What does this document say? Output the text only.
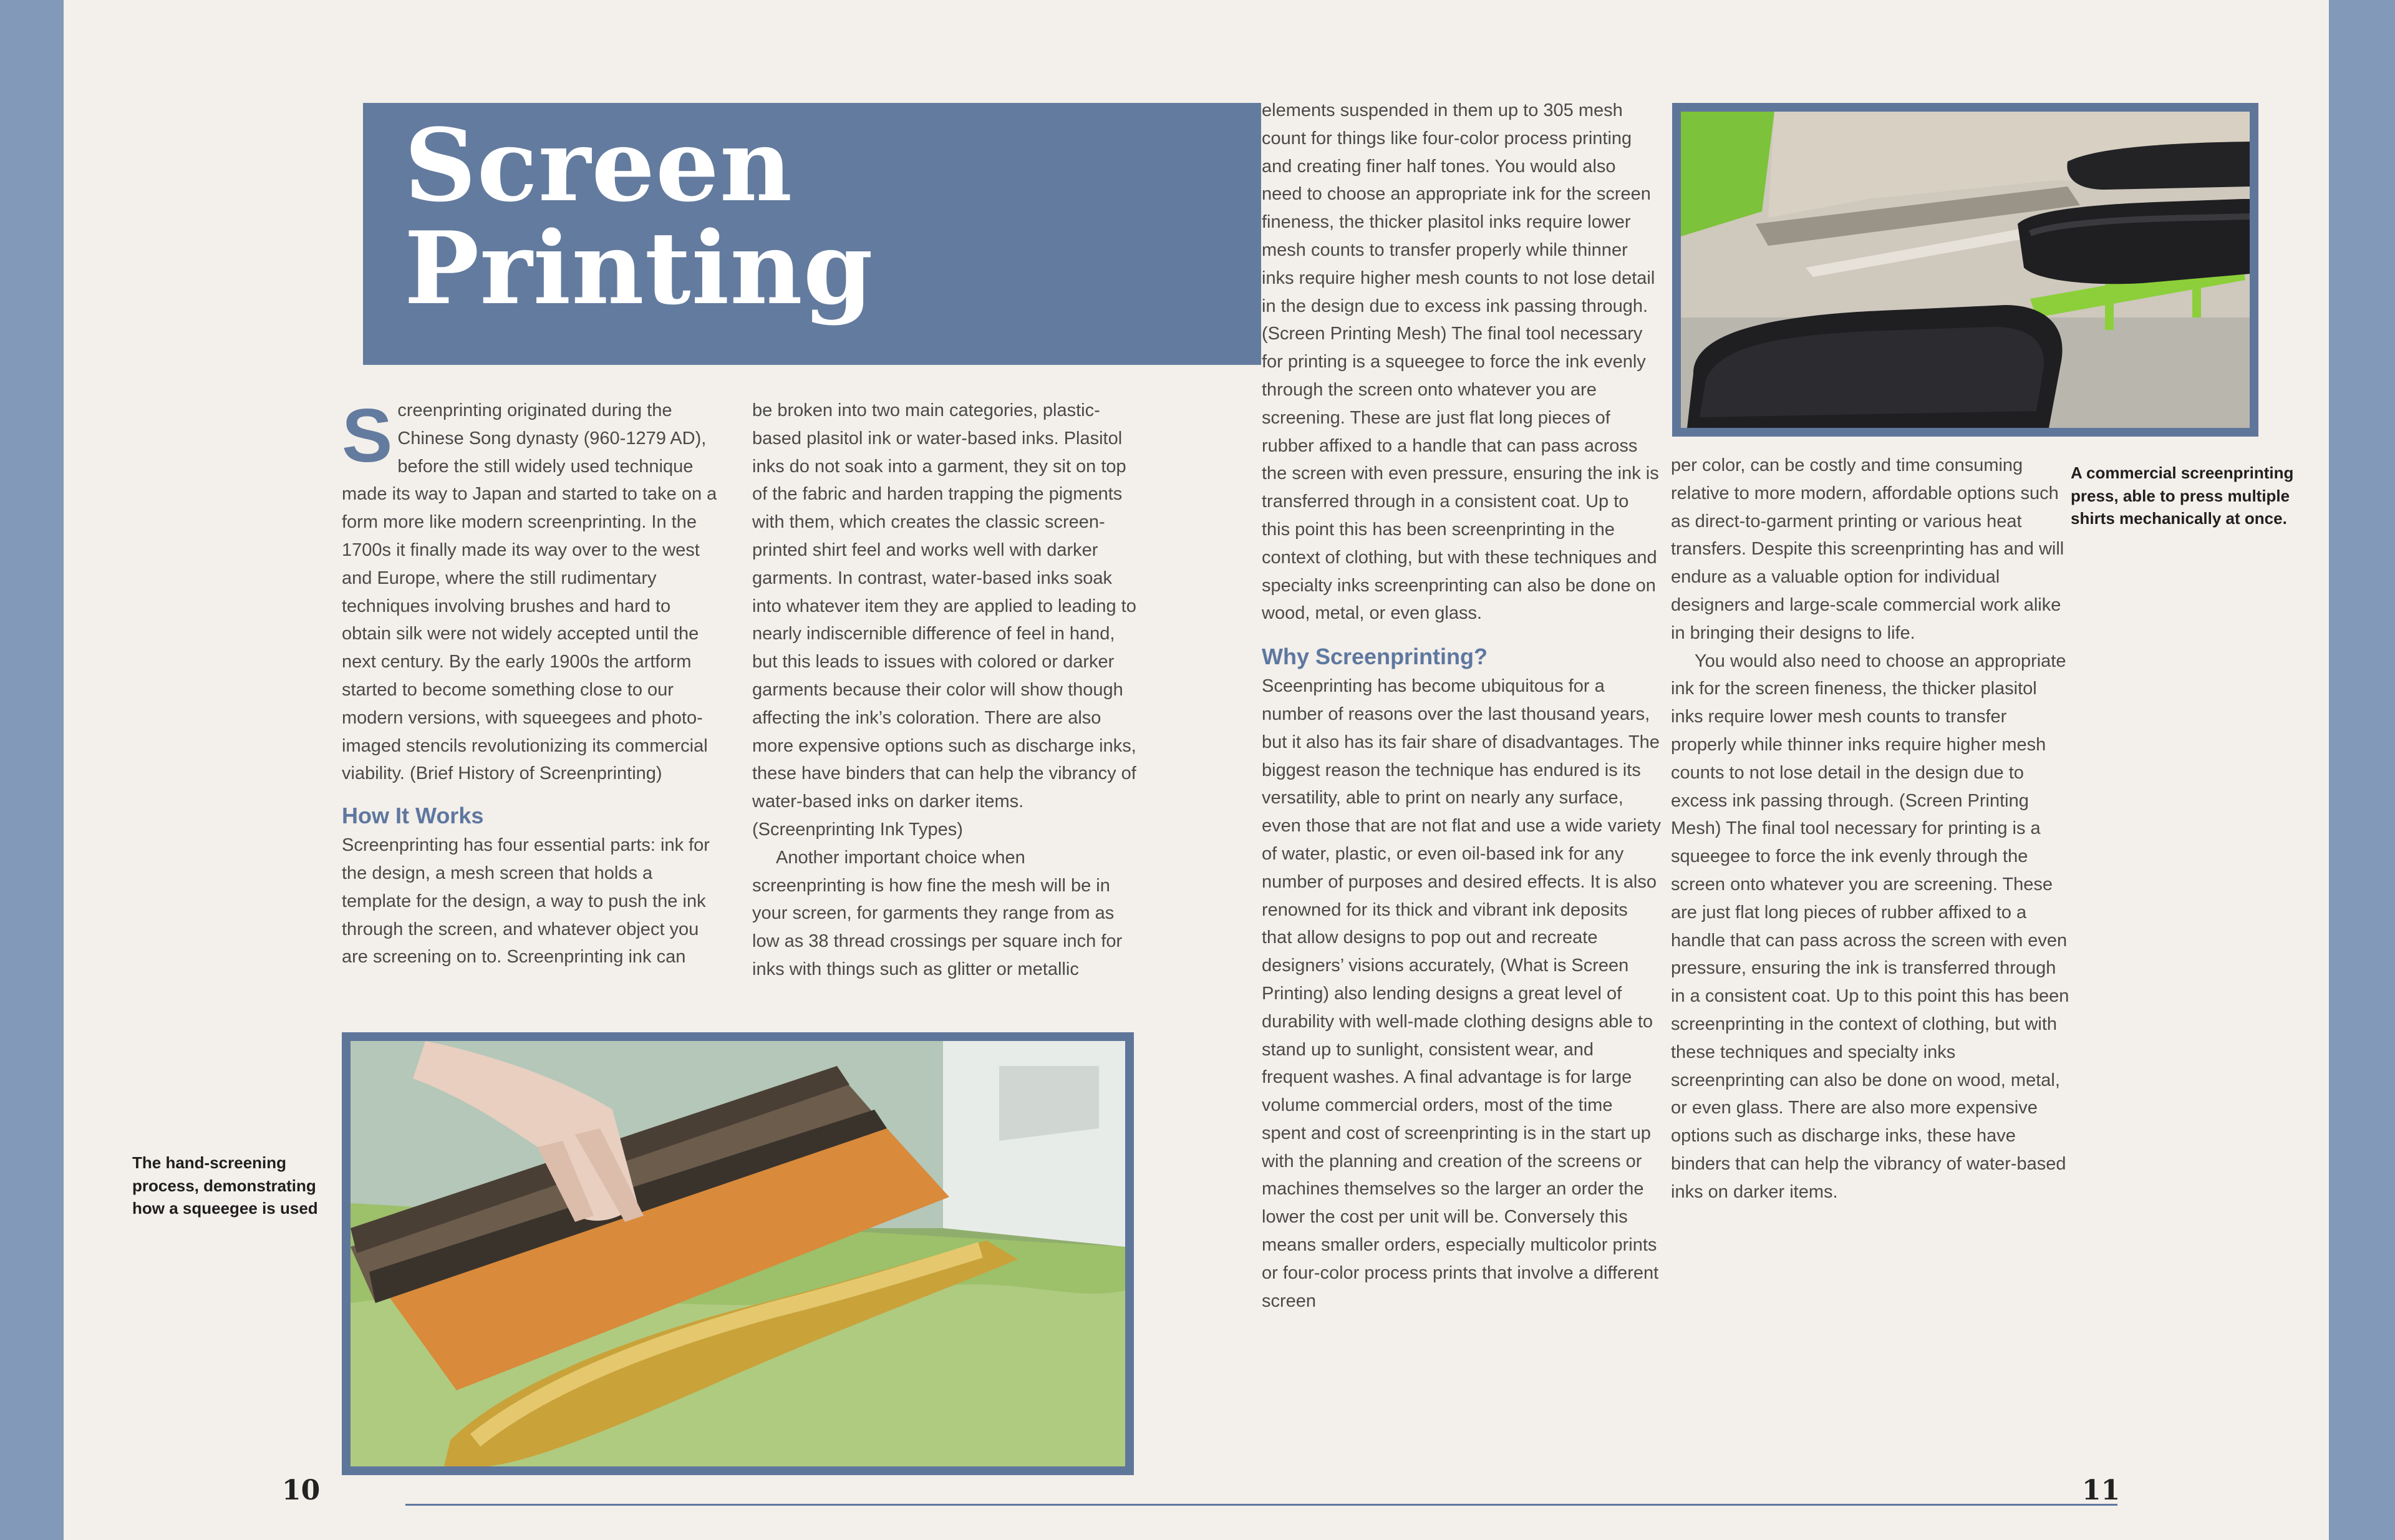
Screen
Printing

Screenprinting originated during the Chinese Song dynasty (960-1279 AD), before the still widely used technique made its way to Japan and started to take on a form more like modern screenprinting. In the 1700s it finally made its way over to the west and Europe, where the still rudimentary techniques involving brushes and hard to obtain silk were not widely accepted until the next century. By the early 1900s the artform started to become something close to our modern versions, with squeegees and photo-imaged stencils revolutionizing its commercial viability. (Brief History of Screenprinting)

How It Works

Screenprinting has four essential parts: ink for the design, a mesh screen that holds a template for the design, a way to push the ink through the screen, and whatever object you are screening on to. Screenprinting ink can

be broken into two main categories, plastic-based plasitol ink or water-based inks. Plasitol inks do not soak into a garment, they sit on top of the fabric and harden trapping the pigments with them, which creates the classic screen-printed shirt feel and works well with darker garments. In contrast, water-based inks soak into whatever item they are applied to leading to nearly indiscernible difference of feel in hand, but this leads to issues with colored or darker garments because their color will show though affecting the ink’s coloration. There are also more expensive options such as discharge inks, these have binders that can help the vibrancy of water-based inks on darker items. (Screenprinting Ink Types)

Another important choice when screenprinting is how fine the mesh will be in your screen, for garments they range from as low as 38 thread crossings per square inch for inks with things such as glitter or metallic

The hand-screening process, demonstrating how a squeegee is used

elements suspended in them up to 305 mesh count for things like four-color process printing and creating finer half tones. You would also need to choose an appropriate ink for the screen fineness, the thicker plasitol inks require lower mesh counts to transfer properly while thinner inks require higher mesh counts to not lose detail in the design due to excess ink passing through. (Screen Printing Mesh) The final tool necessary for printing is a squeegee to force the ink evenly through the screen onto whatever you are screening. These are just flat long pieces of rubber affixed to a handle that can pass across the screen with even pressure, ensuring the ink is transferred through in a consistent coat. Up to this point this has been screenprinting in the context of clothing, but with these techniques and specialty inks screenprinting can also be done on wood, metal, or even glass.

Why Screenprinting?

Sceenprinting has become ubiquitous for a number of reasons over the last thousand years, but it also has its fair share of disadvantages. The biggest reason the technique has endured is its versatility, able to print on nearly any surface, even those that are not flat and use a wide variety of water, plastic, or even oil-based ink for any number of purposes and desired effects. It is also renowned for its thick and vibrant ink deposits that allow designs to pop out and recreate designers’ visions accurately, (What is Screen Printing) also lending designs a great level of durability with well-made clothing designs able to stand up to sunlight, consistent wear, and frequent washes. A final advantage is for large volume commercial orders, most of the time spent and cost of screenprinting is in the start up with the planning and creation of the screens or machines themselves so the larger an order the lower the cost per unit will be. Conversely this means smaller orders, especially multicolor prints or four-color process prints that involve a different screen

A commercial screenprinting press, able to press multiple shirts mechanically at once.

per color, can be costly and time consuming relative to more modern, affordable options such as direct-to-garment printing or various heat transfers. Despite this screenprinting has and will endure as a valuable option for individual designers and large-scale commercial work alike in bringing their designs to life.

You would also need to choose an appropriate ink for the screen fineness, the thicker plasitol inks require lower mesh counts to transfer properly while thinner inks require higher mesh counts to not lose detail in the design due to excess ink passing through. (Screen Printing Mesh) The final tool necessary for printing is a squeegee to force the ink evenly through the screen onto whatever you are screening. These are just flat long pieces of rubber affixed to a handle that can pass across the screen with even pressure, ensuring the ink is transferred through in a consistent coat. Up to this point this has been screenprinting in the context of clothing, but with these techniques and specialty inks screenprinting can also be done on wood, metal, or even glass. There are also more expensive options such as discharge inks, these have binders that can help the vibrancy of water-based inks on darker items.

10	11
